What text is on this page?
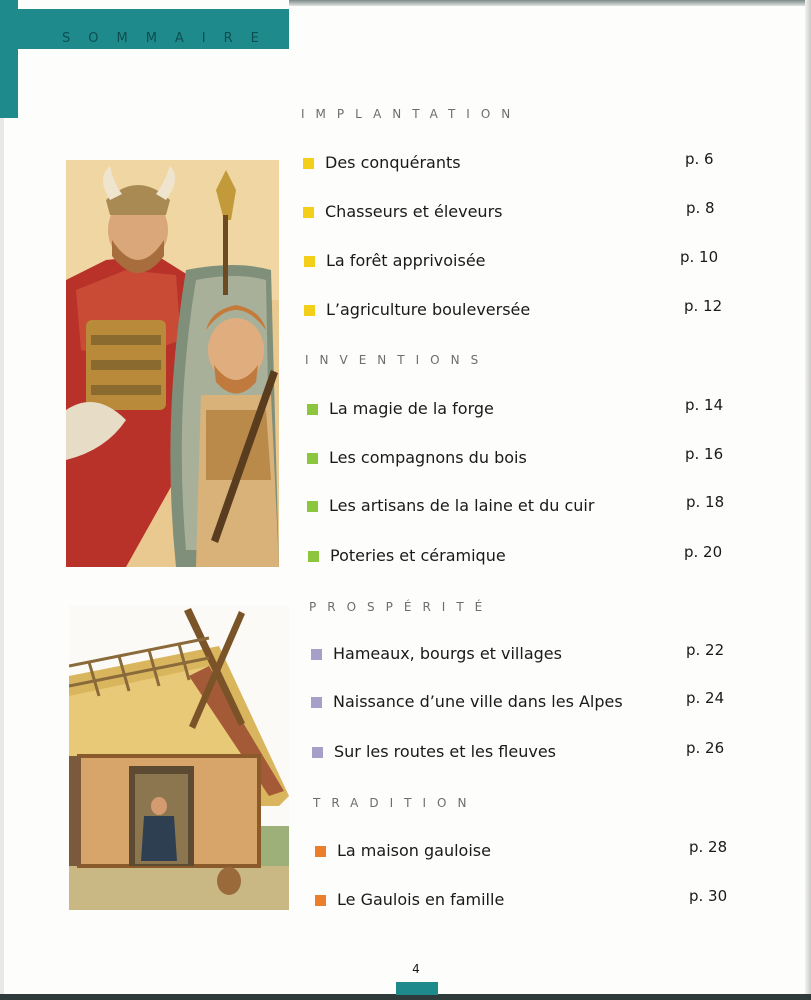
SOMMAIRE
IMPLANTATION
Des conquérants	p. 6
Chasseurs et éleveurs	p. 8
La forêt apprivoisée	p. 10
L’agriculture bouleversée	p. 12
INVENTIONS
La magie de la forge	p. 14
Les compagnons du bois	p. 16
Les artisans de la laine et du cuir	p. 18
Poteries et céramique	p. 20
PROSPÉRITÉ
Hameaux, bourgs et villages	p. 22
Naissance d’une ville dans les Alpes	p. 24
Sur les routes et les fleuves	p. 26
TRADITION
La maison gauloise	p. 28
Le Gaulois en famille	p. 30
4
